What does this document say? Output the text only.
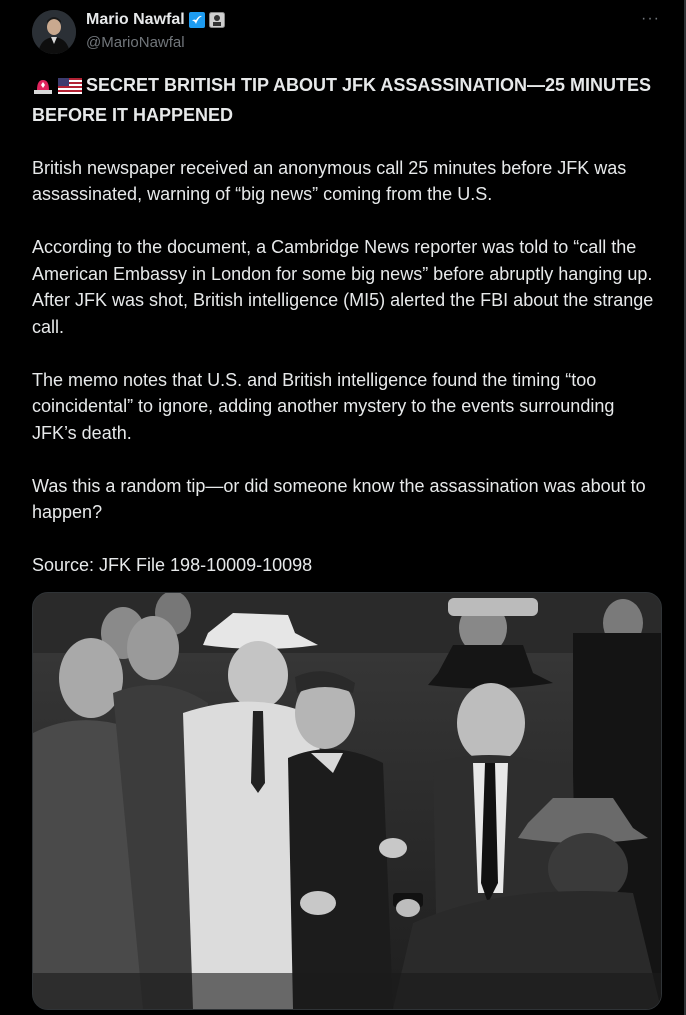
Mario Nawfal
@MarioNawfal
···
SECRET BRITISH TIP ABOUT JFK ASSASSINATION—25 MINUTES BEFORE IT HAPPENED
British newspaper received an anonymous call 25 minutes before JFK was assassinated, warning of “big news” coming from the U.S.
According to the document, a Cambridge News reporter was told to “call the American Embassy in London for some big news” before abruptly hanging up. After JFK was shot, British intelligence (MI5) alerted the FBI about the strange call.
The memo notes that U.S. and British intelligence found the timing “too coincidental” to ignore, adding another mystery to the events surrounding JFK’s death.
Was this a random tip—or did someone know the assassination was about to happen?
Source: JFK File 198-10009-10098
